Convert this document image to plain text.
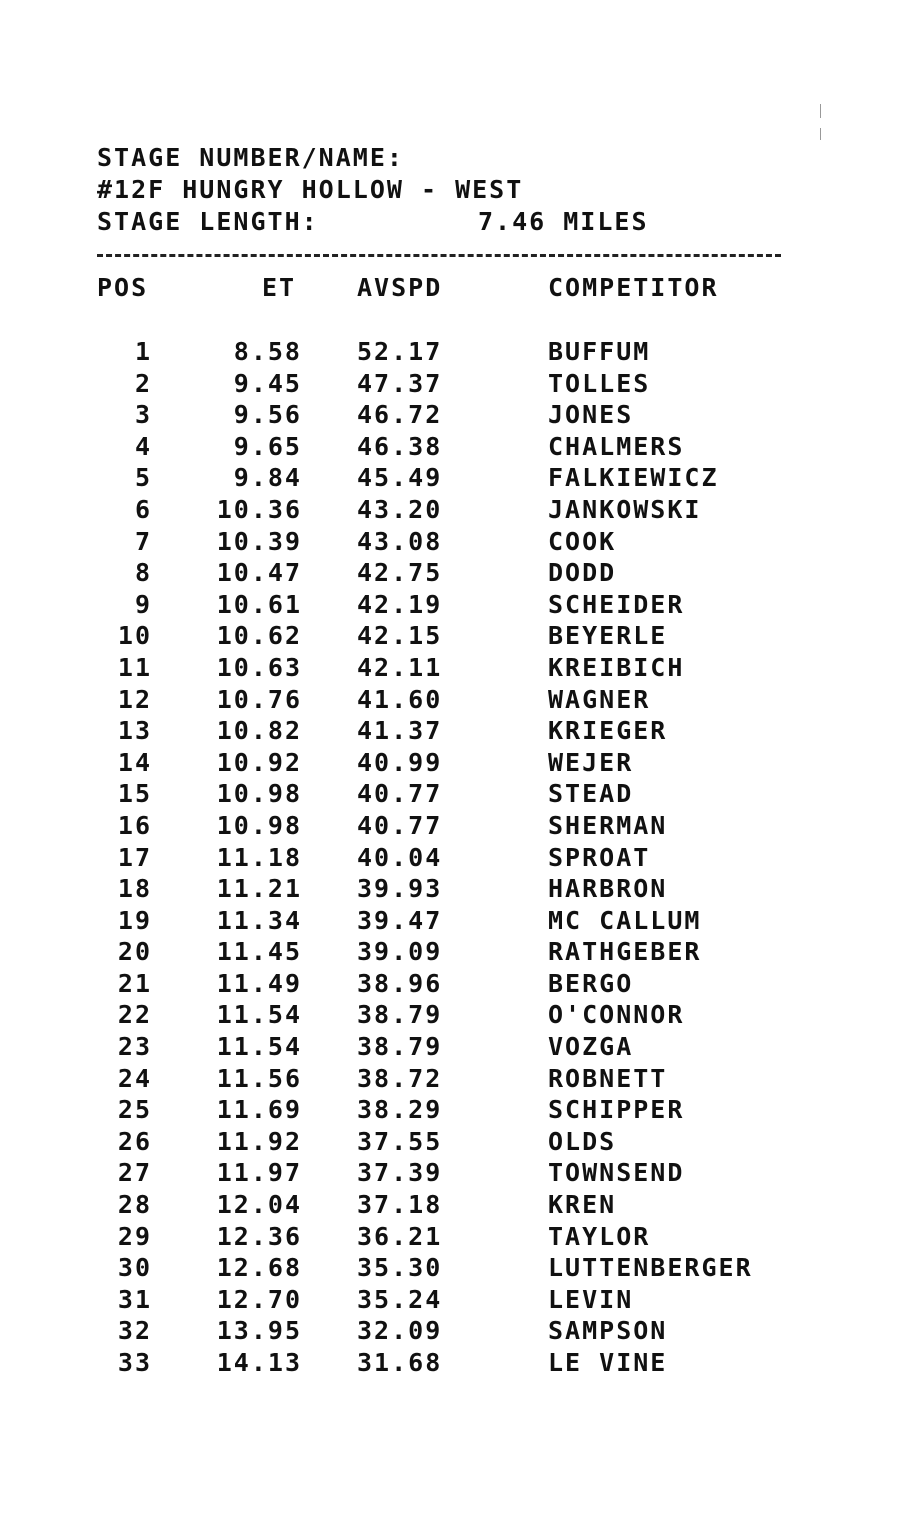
STAGE NUMBER/NAME:
#12F HUNGRY HOLLOW - WEST
STAGE LENGTH:	7.46 MILES
POS	ET AVSPD	COMPETITOR
1	8.58 52.17	BUFFUM
2	9.45 47.37	TOLLES
3	9.56 46.72	JONES
4	9.65 46.38	CHALMERS
5	9.84 45.49	FALKIEWICZ
6	10.36 43.20	JANKOWSKI
7	10.39 43.08	COOK
8	10.47 42.75	DODD
9	10.61 42.19	SCHEIDER
10	10.62 42.15	BEYERLE
11	10.63 42.11	KREIBICH
12	10.76 41.60	WAGNER
13	10.82 41.37	KRIEGER
14	10.92 40.99	WEJER
15	10.98 40.77	STEAD
16	10.98 40.77	SHERMAN
17	11.18 40.04	SPROAT
18	11.21 39.93	HARBRON
19	11.34 39.47	MC CALLUM
20	11.45 39.09	RATHGEBER
21	11.49 38.96	BERGO
22	11.54 38.79	O'CONNOR
23	11.54 38.79	VOZGA
24	11.56 38.72	ROBNETT
25	11.69 38.29	SCHIPPER
26	11.92 37.55	OLDS
27	11.97 37.39	TOWNSEND
28	12.04 37.18	KREN
29	12.36 36.21	TAYLOR
30	12.68 35.30	LUTTENBERGER
31	12.70 35.24	LEVIN
32	13.95 32.09	SAMPSON
33	14.13 31.68	LE VINE
